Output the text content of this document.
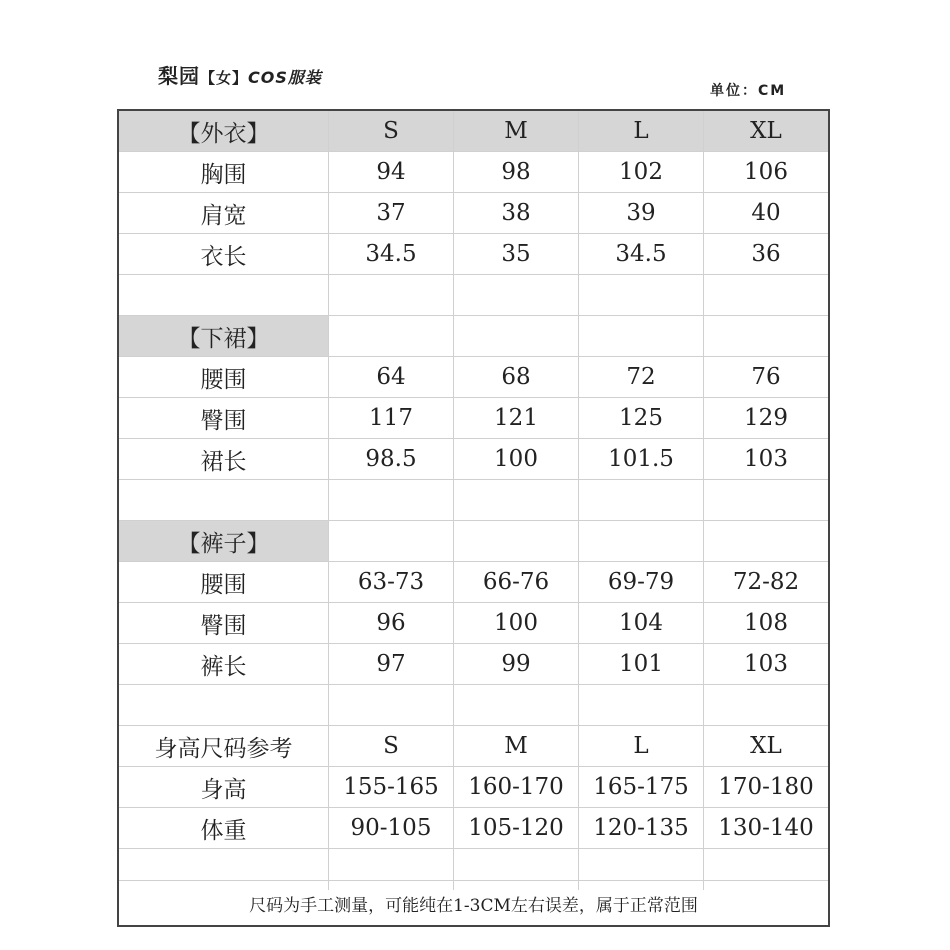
梨园【女】COS服装
单位：CM
【外衣】	S	M	L	XL
胸围	94	98	102	106
肩宽	37	38	39	40
衣长	34.5	35	34.5	36
【下裙】
腰围	64	68	72	76
臀围	117	121	125	129
裙长	98.5	100	101.5	103
【裤子】
腰围	63-73	66-76	69-79	72-82
臀围	96	100	104	108
裤长	97	99	101	103
身高尺码参考	S	M	L	XL
身高	155-165	160-170	165-175	170-180
体重	90-105	105-120	120-135	130-140
尺码为手工测量，可能纯在1-3CM左右误差，属于正常范围
